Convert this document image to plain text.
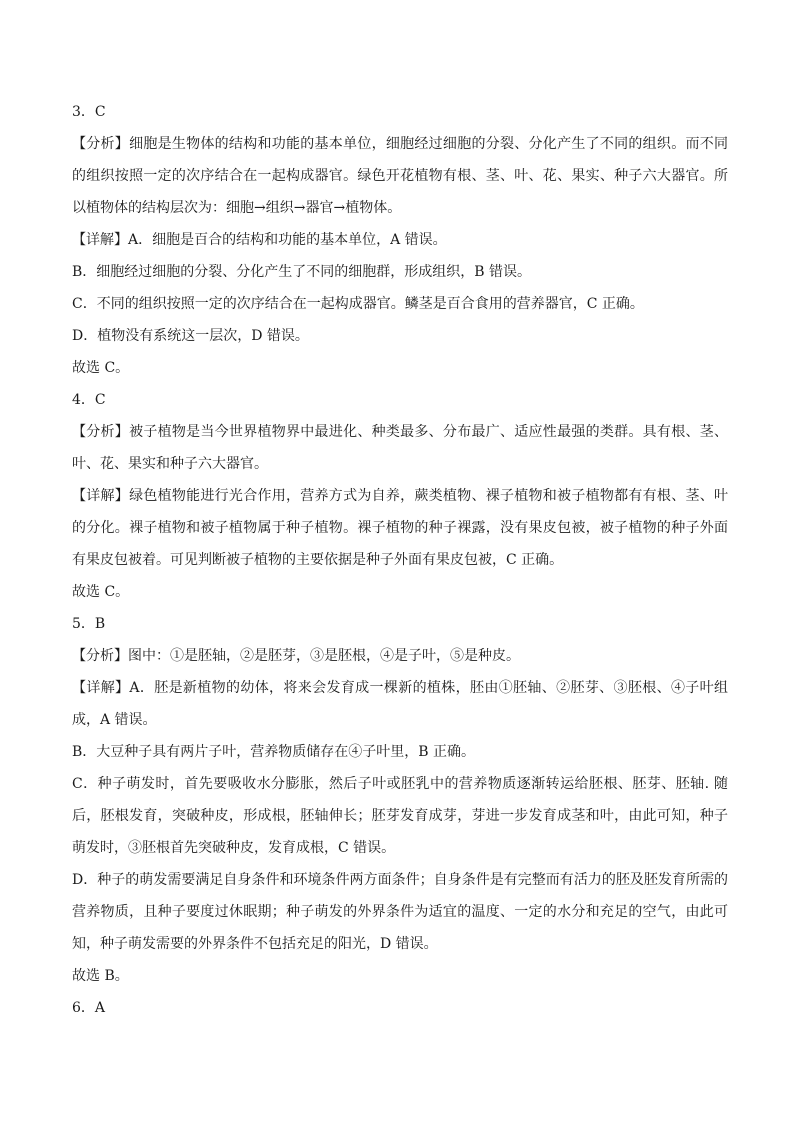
3．C
【分析】细胞是生物体的结构和功能的基本单位，细胞经过细胞的分裂、分化产生了不同的组织。而不同的组织按照一定的次序结合在一起构成器官。绿色开花植物有根、茎、叶、花、果实、种子六大器官。所以植物体的结构层次为：细胞→组织→器官→植物体。
【详解】A．细胞是百合的结构和功能的基本单位，A 错误。
B．细胞经过细胞的分裂、分化产生了不同的细胞群，形成组织，B 错误。
C．不同的组织按照一定的次序结合在一起构成器官。鳞茎是百合食用的营养器官，C 正确。
D．植物没有系统这一层次，D 错误。
故选 C。
4．C
【分析】被子植物是当今世界植物界中最进化、种类最多、分布最广、适应性最强的类群。具有根、茎、叶、花、果实和种子六大器官。
【详解】绿色植物能进行光合作用，营养方式为自养，蕨类植物、裸子植物和被子植物都有有根、茎、叶的分化。裸子植物和被子植物属于种子植物。裸子植物的种子裸露，没有果皮包被，被子植物的种子外面有果皮包被着。可见判断被子植物的主要依据是种子外面有果皮包被，C 正确。
故选 C。
5．B
【分析】图中：①是胚轴，②是胚芽，③是胚根，④是子叶，⑤是种皮。
【详解】A．胚是新植物的幼体，将来会发育成一棵新的植株，胚由①胚轴、②胚芽、③胚根、④子叶组成，A 错误。
B．大豆种子具有两片子叶，营养物质储存在④子叶里，B 正确。
C．种子萌发时，首先要吸收水分膨胀，然后子叶或胚乳中的营养物质逐渐转运给胚根、胚芽、胚轴. 随后，胚根发育，突破种皮，形成根，胚轴伸长；胚芽发育成芽，芽进一步发育成茎和叶，由此可知，种子萌发时，③胚根首先突破种皮，发育成根，C 错误。
D．种子的萌发需要满足自身条件和环境条件两方面条件；自身条件是有完整而有活力的胚及胚发育所需的营养物质，且种子要度过休眠期；种子萌发的外界条件为适宜的温度、一定的水分和充足的空气，由此可知，种子萌发需要的外界条件不包括充足的阳光，D 错误。
故选 B。
6．A
